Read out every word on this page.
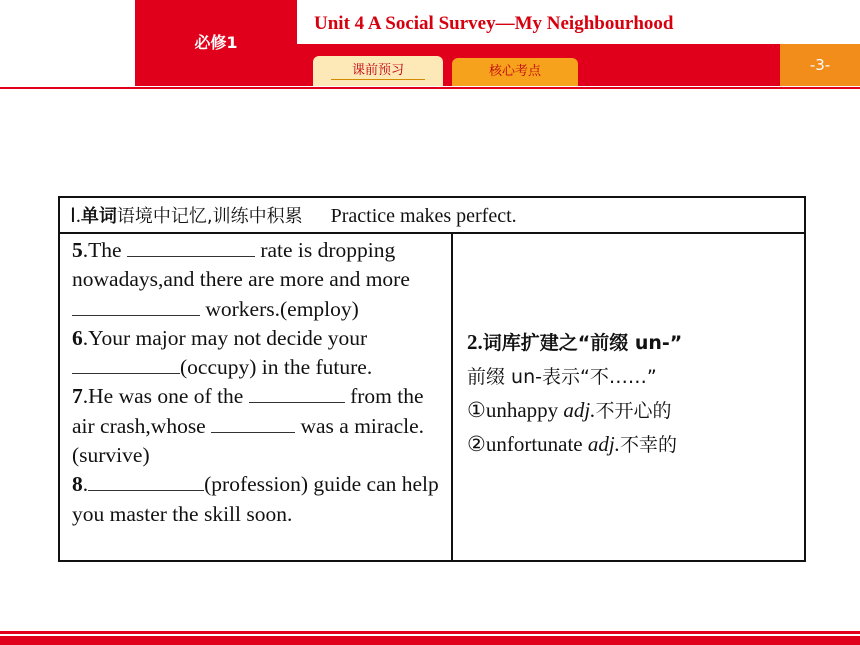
必修1
Unit 4 A Social Survey—My Neighbourhood
课前预习	核心考点	-3-
Ⅰ.单词语境中记忆,训练中积累 Practice makes perfect.

5.The	rate is dropping nowadays,and there are more and more  workers.(employ)

6.Your major may not decide your (occupy) in the future.

7.He was one of the	from the air crash,whose	was a miracle.(survive)

8.	(profession) guide can help you master the skill soon.

2.词库扩建之“前缀 un-”

前缀 un-表示“不……”

①unhappy adj.不开心的

②unfortunate adj.不幸的
